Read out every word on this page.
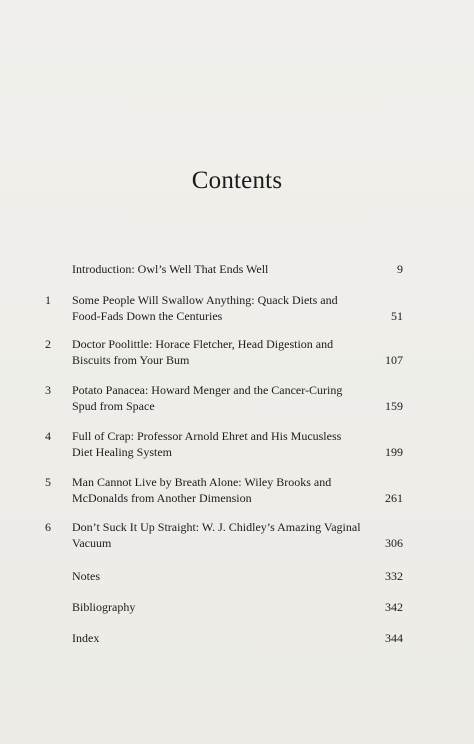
Contents
Introduction: Owl’s Well That Ends Well	9
1	Some People Will Swallow Anything: Quack Diets and
Food-Fads Down the Centuries	51
2	Doctor Poolittle: Horace Fletcher, Head Digestion and
Biscuits from Your Bum	107
3	Potato Panacea: Howard Menger and the Cancer-Curing
Spud from Space	159
4	Full of Crap: Professor Arnold Ehret and His Mucusless
Diet Healing System	199
5	Man Cannot Live by Breath Alone: Wiley Brooks and
McDonalds from Another Dimension	261
6	Don’t Suck It Up Straight: W. J. Chidley’s Amazing Vaginal
Vacuum	306
Notes	332
Bibliography	342
Index	344
